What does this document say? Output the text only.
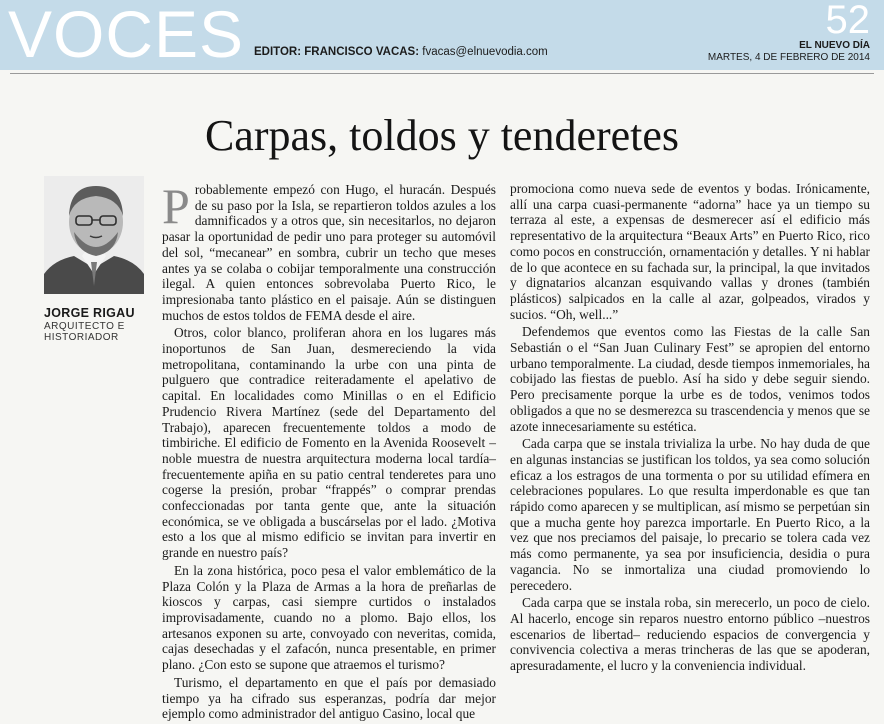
VOCES EDITOR: FRANCISCO VACAS: fvacas@elnuevodia.com
52
EL NUEVO DÍA
MARTES, 4 DE FEBRERO DE 2014
Carpas, toldos y tenderetes
JORGE RIGAU
ARQUITECTO E HISTORIADOR

Probablemente empezó con Hugo, el huracán. Después de su paso por la Isla, se repartieron toldos azules a los damnificados y a otros que, sin necesitarlos, no dejaron pasar la oportunidad de pedir uno para proteger su automóvil del sol, “mecanear” en sombra, cubrir un techo que meses antes ya se colaba o cobijar temporalmente una construcción ilegal. A quien entonces sobrevolaba Puerto Rico, le impresionaba tanto plástico en el paisaje. Aún se distinguen muchos de estos toldos de FEMA desde el aire.

Otros, color blanco, proliferan ahora en los lugares más inoportunos de San Juan, desmereciendo la vida metropolitana, contaminando la urbe con una pinta de pulguero que contradice reiteradamente el apelativo de capital. En localidades como Minillas o en el Edificio Prudencio Rivera Martínez (sede del Departamento del Trabajo), aparecen frecuentemente toldos a modo de timbiriche. El edificio de Fomento en la Avenida Roosevelt –noble muestra de nuestra arquitectura moderna local tardía– frecuentemente apiña en su patio central tenderetes para uno cogerse la presión, probar “frappés” o comprar prendas confeccionadas por tanta gente que, ante la situación económica, se ve obligada a buscárselas por el lado. ¿Motiva esto a los que al mismo edificio se invitan para invertir en grande en nuestro país?

En la zona histórica, poco pesa el valor emblemático de la Plaza Colón y la Plaza de Armas a la hora de preñarlas de kioscos y carpas, casi siempre curtidos o instalados improvisadamente, cuando no a plomo. Bajo ellos, los artesanos exponen su arte, convoyado con neveritas, comida, cajas desechadas y el zafacón, nunca presentable, en primer plano. ¿Con esto se supone que atraemos el turismo?

Turismo, el departamento en que el país por demasiado tiempo ya ha cifrado sus esperanzas, podría dar mejor ejemplo como administrador del antiguo Casino, local que

promociona como nueva sede de eventos y bodas. Irónicamente, allí una carpa cuasi-permanente “adorna” hace ya un tiempo su terraza al este, a expensas de desmerecer así el edificio más representativo de la arquitectura “Beaux Arts” en Puerto Rico, rico como pocos en construcción, ornamentación y detalles. Y ni hablar de lo que acontece en su fachada sur, la principal, la que invitados y dignatarios alcanzan esquivando vallas y drones (también plásticos) salpicados en la calle al azar, golpeados, virados y sucios. “Oh, well...”

Defendemos que eventos como las Fiestas de la calle San Sebastián o el “San Juan Culinary Fest” se apropien del entorno urbano temporalmente. La ciudad, desde tiempos inmemoriales, ha cobijado las fiestas de pueblo. Así ha sido y debe seguir siendo. Pero precisamente porque la urbe es de todos, venimos todos obligados a que no se desmerezca su trascendencia y menos que se azote innecesariamente su estética.

Cada carpa que se instala trivializa la urbe. No hay duda de que en algunas instancias se justifican los toldos, ya sea como solución eficaz a los estragos de una tormenta o por su utilidad efímera en celebraciones populares. Lo que resulta imperdonable es que tan rápido como aparecen y se multiplican, así mismo se perpetúan sin que a mucha gente hoy parezca importarle. En Puerto Rico, a la vez que nos preciamos del paisaje, lo precario se tolera cada vez más como permanente, ya sea por insuficiencia, desidia o pura vagancia. No se inmortaliza una ciudad promoviendo lo perecedero.

Cada carpa que se instala roba, sin merecerlo, un poco de cielo. Al hacerlo, encoge sin reparos nuestro entorno público –nuestros escenarios de libertad– reduciendo espacios de convergencia y convivencia colectiva a meras trincheras de las que se apoderan, apresuradamente, el lucro y la conveniencia individual.
